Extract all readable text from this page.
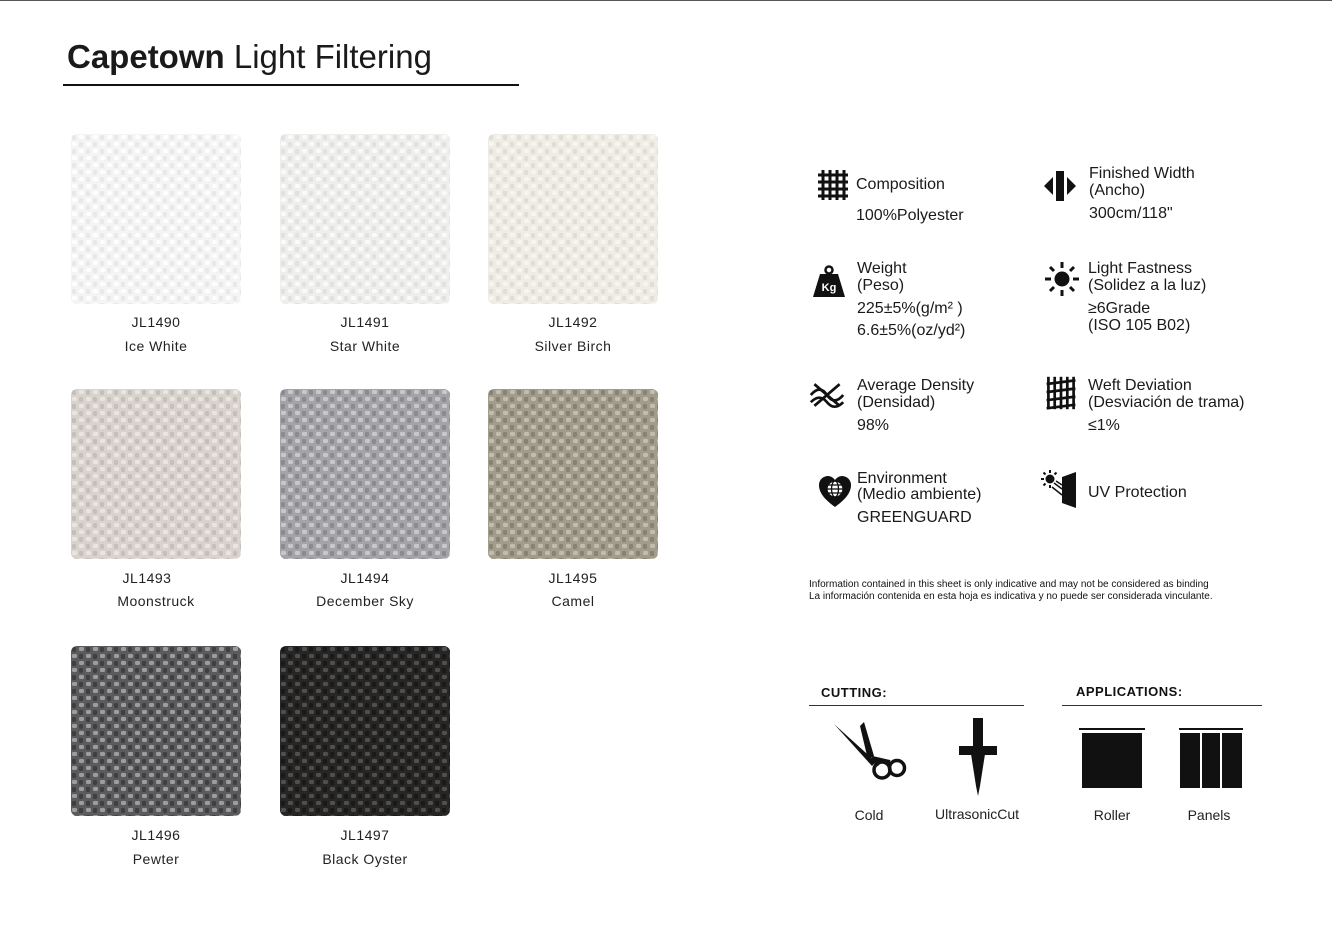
Capetown Light Filtering
JL1490
Ice White
JL1491
Star White
JL1492
Silver Birch
JL1493
Moonstruck
JL1494
December Sky
JL1495
Camel
JL1496
Pewter
JL1497
Black Oyster
Composition
100%Polyester
Kg
Weight
(Peso)
225±5%(g/m² )
6.6±5%(oz/yd²)
Average Density
(Densidad)
98%
Environment
(Medio ambiente)
GREENGUARD
Finished Width
(Ancho)
300cm/118"
Light Fastness
(Solidez a la luz)
≥6Grade
(ISO 105 B02)
Weft Deviation
(Desviación de trama)
≤1%
UV Protection
Information contained in this sheet is only indicative and may not be considered as binding
La información contenida en esta hoja es indicativa y no puede ser considerada vinculante.
CUTTING:
Cold	UltrasonicCut
APPLICATIONS:
Roller	Panels
